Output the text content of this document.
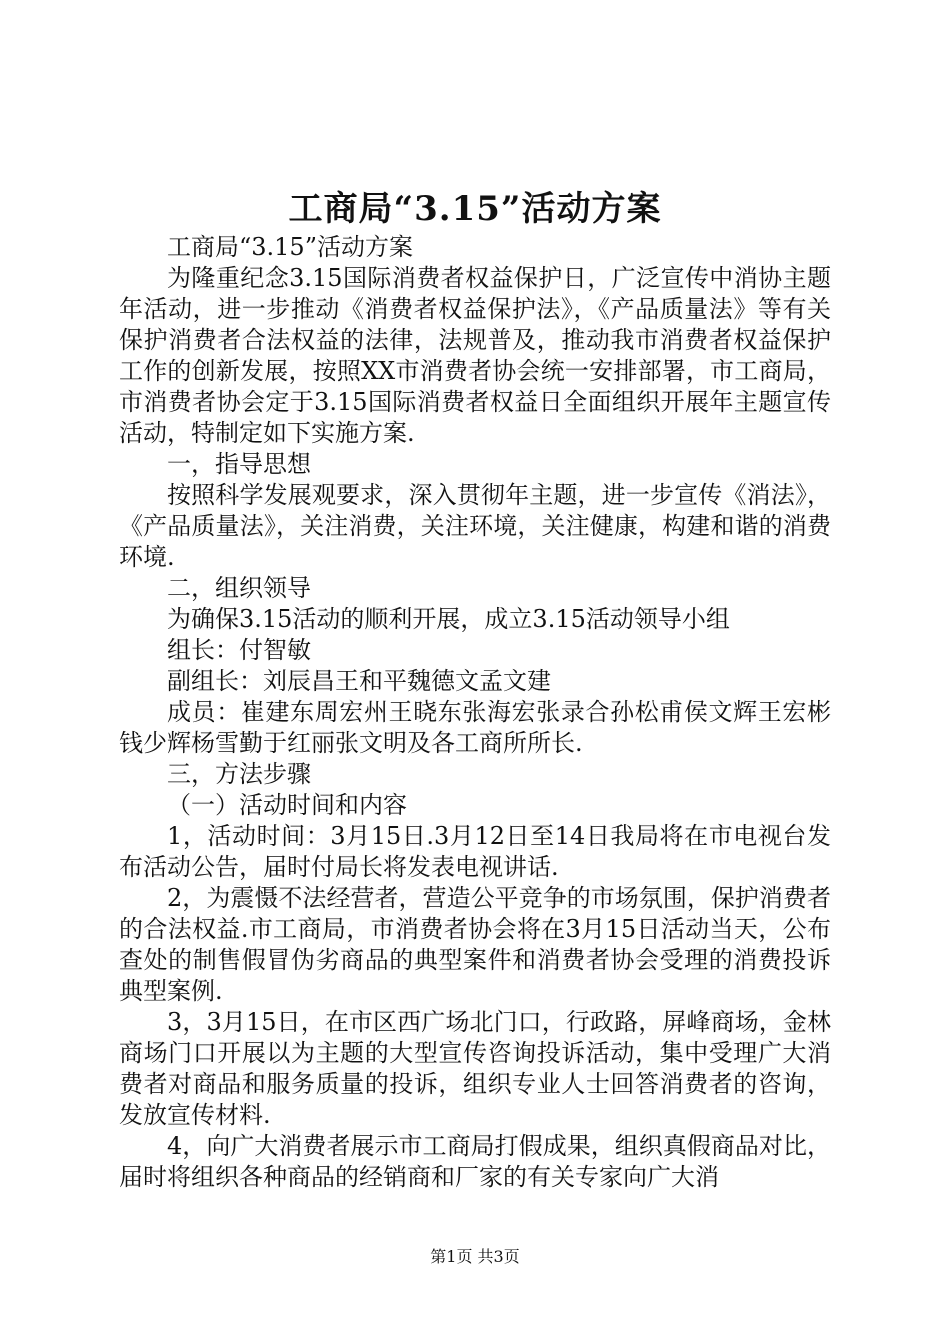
工商局“3.15”活动方案

工商局“3.15”活动方案

为隆重纪念3.15国际消费者权益保护日，广泛宣传中消协主题年活动，进一步推动《消费者权益保护法》，《产品质量法》等有关保护消费者合法权益的法律，法规普及，推动我市消费者权益保护工作的创新发展，按照XX市消费者协会统一安排部署，市工商局，市消费者协会定于3.15国际消费者权益日全面组织开展年主题宣传活动，特制定如下实施方案.

一，指导思想

按照科学发展观要求，深入贯彻年主题，进一步宣传《消法》，《产品质量法》，关注消费，关注环境，关注健康，构建和谐的消费环境.

二，组织领导

为确保3.15活动的顺利开展，成立3.15活动领导小组

组长：付智敏

副组长：刘辰昌王和平魏德文孟文建

成员：崔建东周宏州王晓东张海宏张录合孙松甫侯文辉王宏彬钱少辉杨雪勤于红丽张文明及各工商所所长.

三，方法步骤

（一）活动时间和内容

1，活动时间：3月15日.3月12日至14日我局将在市电视台发布活动公告，届时付局长将发表电视讲话.

2，为震慑不法经营者，营造公平竞争的市场氛围，保护消费者的合法权益.市工商局，市消费者协会将在3月15日活动当天，公布查处的制售假冒伪劣商品的典型案件和消费者协会受理的消费投诉典型案例.

3，3月15日，在市区西广场北门口，行政路，屏峰商场，金林商场门口开展以为主题的大型宣传咨询投诉活动，集中受理广大消费者对商品和服务质量的投诉，组织专业人士回答消费者的咨询，发放宣传材料.

4，向广大消费者展示市工商局打假成果，组织真假商品对比，届时将组织各种商品的经销商和厂家的有关专家向广大消

第1页 共3页
